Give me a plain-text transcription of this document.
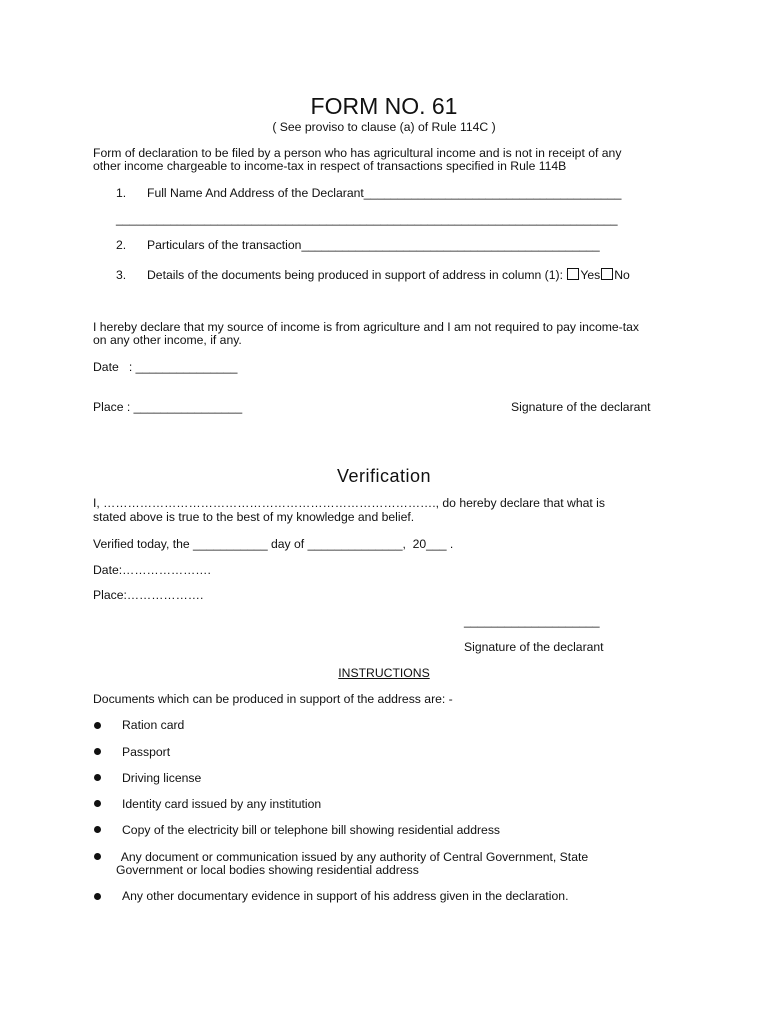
FORM NO. 61
( See proviso to clause (a) of Rule 114C )
Form of declaration to be filed by a person who has agricultural income and is not in receipt of any
other income chargeable to income-tax in respect of transactions specified in Rule 114B
1. Full Name And Address of the Declarant______________________________________
__________________________________________________________________________
2. Particulars of the transaction____________________________________________
3. Details of the documents being produced in support of address in column (1): Yes No
I hereby declare that my source of income is from agriculture and I am not required to pay income-tax
on any other income, if any.
Date   : _______________
Place : ________________	Signature of the declarant
Verification
I, ………………………………………………………………………., do hereby declare that what is
stated above is true to the best of my knowledge and belief.
Verified today, the ___________ day of ______________,  20___ .
Date:………………….
Place:……………….
____________________
Signature of the declarant
INSTRUCTIONS
Documents which can be produced in support of the address are: -
Ration card
Passport
Driving license
Identity card issued by any institution
Copy of the electricity bill or telephone bill showing residential address
Any document or communication issued by any authority of Central Government, State
Government or local bodies showing residential address
Any other documentary evidence in support of his address given in the declaration.
